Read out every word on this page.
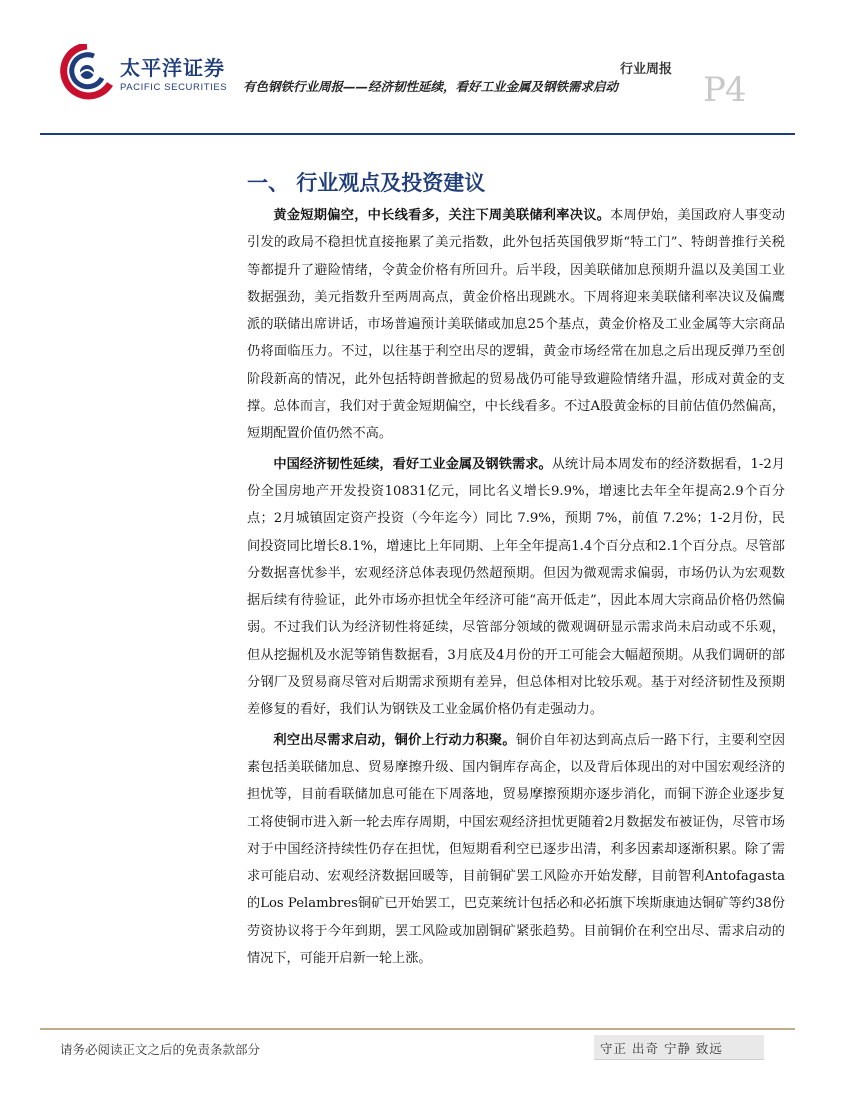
太平洋证券
PACIFIC SECURITIES
行业周报
有色钢铁行业周报——经济韧性延续，看好工业金属及钢铁需求启动 P4
一、 行业观点及投资建议

黄金短期偏空，中长线看多，关注下周美联储利率决议。本周伊始，美国政府人事变动引发的政局不稳担忧直接拖累了美元指数，此外包括英国俄罗斯“特工门”、特朗普推行关税等都提升了避险情绪，令黄金价格有所回升。后半段，因美联储加息预期升温以及美国工业数据强劲，美元指数升至两周高点，黄金价格出现跳水。下周将迎来美联储利率决议及偏鹰派的联储出席讲话，市场普遍预计美联储或加息25个基点，黄金价格及工业金属等大宗商品仍将面临压力。不过，以往基于利空出尽的逻辑，黄金市场经常在加息之后出现反弹乃至创阶段新高的情况，此外包括特朗普掀起的贸易战仍可能导致避险情绪升温，形成对黄金的支撑。总体而言，我们对于黄金短期偏空，中长线看多。不过A股黄金标的目前估值仍然偏高，短期配置价值仍然不高。

中国经济韧性延续，看好工业金属及钢铁需求。从统计局本周发布的经济数据看，1-2月份全国房地产开发投资10831亿元，同比名义增长9.9%，增速比去年全年提高2.9个百分点；2月城镇固定资产投资（今年迄今）同比 7.9%，预期 7%，前值 7.2%；1-2月份，民间投资同比增长8.1%，增速比上年同期、上年全年提高1.4个百分点和2.1个百分点。尽管部分数据喜忧参半，宏观经济总体表现仍然超预期。但因为微观需求偏弱，市场仍认为宏观数据后续有待验证，此外市场亦担忧全年经济可能“高开低走”，因此本周大宗商品价格仍然偏弱。不过我们认为经济韧性将延续，尽管部分领域的微观调研显示需求尚未启动或不乐观，但从挖掘机及水泥等销售数据看，3月底及4月份的开工可能会大幅超预期。从我们调研的部分钢厂及贸易商尽管对后期需求预期有差异，但总体相对比较乐观。基于对经济韧性及预期差修复的看好，我们认为钢铁及工业金属价格仍有走强动力。

利空出尽需求启动，铜价上行动力积聚。铜价自年初达到高点后一路下行，主要利空因素包括美联储加息、贸易摩擦升级、国内铜库存高企，以及背后体现出的对中国宏观经济的担忧等，目前看联储加息可能在下周落地，贸易摩擦预期亦逐步消化，而铜下游企业逐步复工将使铜市进入新一轮去库存周期，中国宏观经济担忧更随着2月数据发布被证伪，尽管市场对于中国经济持续性仍存在担忧，但短期看利空已逐步出清，利多因素却逐渐积累。除了需求可能启动、宏观经济数据回暖等，目前铜矿罢工风险亦开始发酵，目前智利Antofagasta的Los Pelambres铜矿已开始罢工，巴克莱统计包括必和必拓旗下埃斯康迪达铜矿等约38份劳资协议将于今年到期，罢工风险或加剧铜矿紧张趋势。目前铜价在利空出尽、需求启动的情况下，可能开启新一轮上涨。

请务必阅读正文之后的免责条款部分	守正 出奇 宁静 致远
